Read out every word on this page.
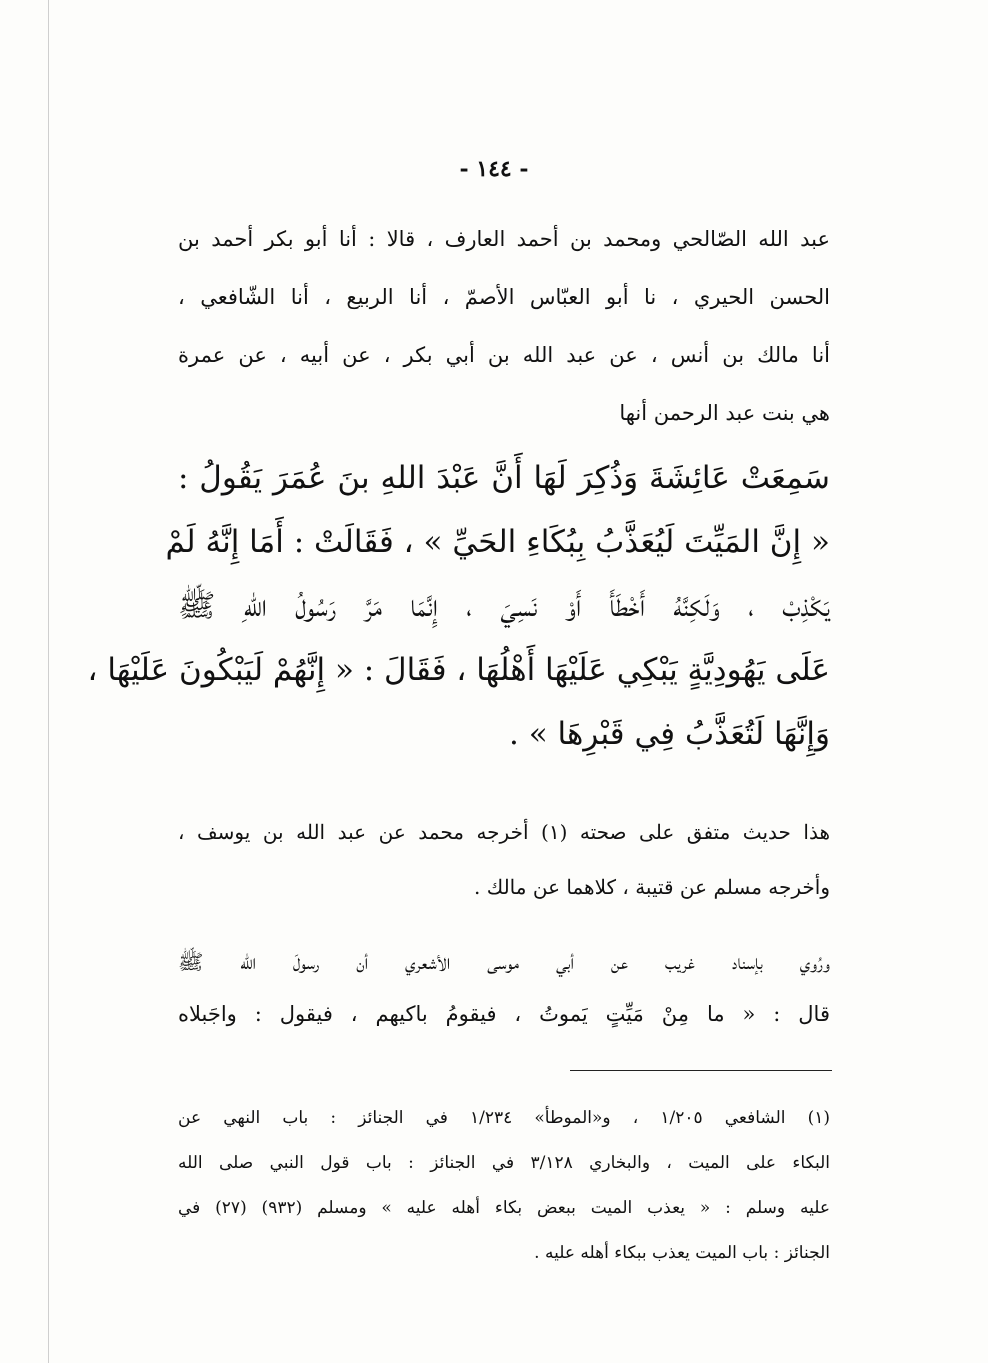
- ١٤٤ -
عبد الله الصّالحي ومحمد بن أحمد العارف ، قالا : أنا أبو بكر أحمد بن
الحسن الحيري ، نا أبو العبّاس الأصمّ ، أنا الربيع ، أنا الشّافعي ،
أنا مالك بن أنس ، عن عبد الله بن أبي بكر ، عن أبيه ، عن عمرة
هي بنت عبد الرحمن أنها
سَمِعَتْ عَائِشَةَ وَذُكِرَ لَهَا أَنَّ عَبْدَ اللهِ بنَ عُمَرَ يَقُولُ :
« إِنَّ المَيِّتَ لَيُعَذَّبُ بِبُكَاءِ الحَيِّ » ، فَقَالَتْ : أَمَا إِنَّهُ لَمْ
يَكْذِبْ ، وَلَكِنَّهُ أَخْطَأَ أَوْ نَسِيَ ، إِنَّمَا مَرَّ رَسُولُ اللهِ ﷺ
عَلَى يَهُودِيَّةٍ يَبْكِي عَلَيْهَا أَهْلُهَا ، فَقَالَ : « إِنَّهُمْ لَيَبْكُونَ عَلَيْهَا ،
وَإِنَّهَا لَتُعَذَّبُ فِي قَبْرِهَا » .
هذا حديث متفق على صحته (١) أخرجه محمد عن عبد الله بن يوسف ،
وأخرجه مسلم عن قتيبة ، كلاهما عن مالك .
ورُوي بإسناد غريب عن أبي موسى الأشعري أن رسولَ الله ﷺ
قال : « ما مِنْ مَيِّتٍ يَموتُ ، فيقومُ باكيهم ، فيقول : واجَبلاه
(١) الشافعي ١/٢٠٥ ، و«الموطأ» ١/٢٣٤ في الجنائز : باب النهي عن
البكاء على الميت ، والبخاري ٣/١٢٨ في الجنائز : باب قول النبي صلى الله
عليه وسلم : « يعذب الميت ببعض بكاء أهله عليه » ومسلم (٩٣٢) (٢٧) في
الجنائز : باب الميت يعذب ببكاء أهله عليه .
